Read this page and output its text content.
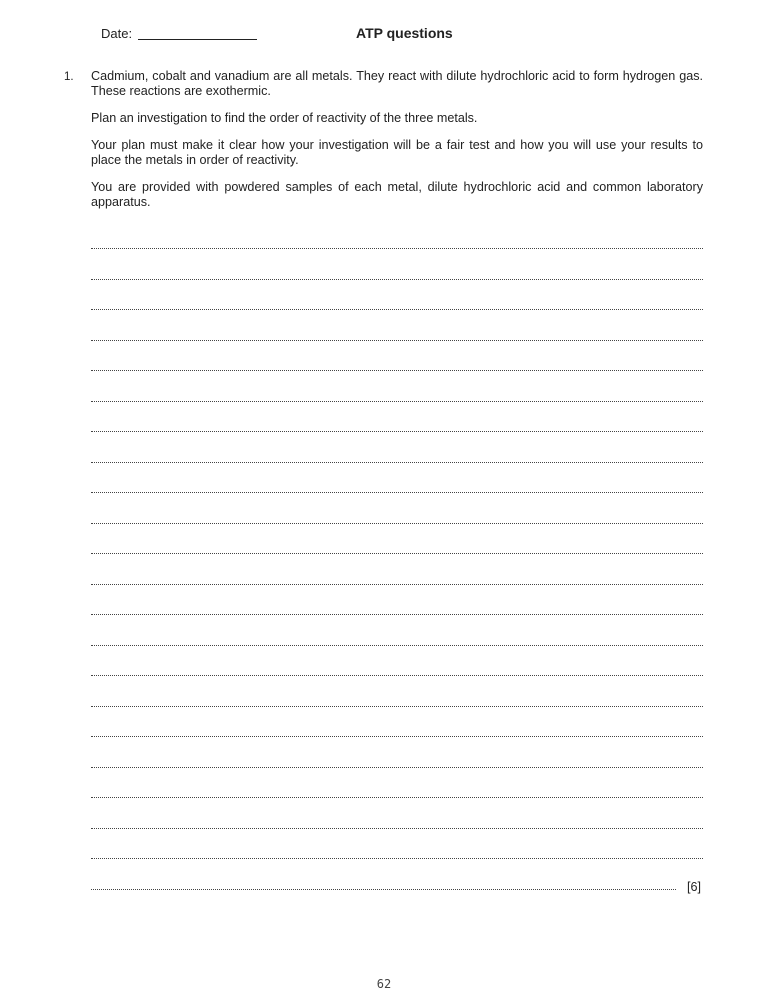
Date:	ATP questions
1. Cadmium, cobalt and vanadium are all metals. They react with dilute hydrochloric acid to form hydrogen gas. These reactions are exothermic.

Plan an investigation to find the order of reactivity of the three metals.

Your plan must make it clear how your investigation will be a fair test and how you will use your results to place the metals in order of reactivity.

You are provided with powdered samples of each metal, dilute hydrochloric acid and common laboratory apparatus.

[6]
62
